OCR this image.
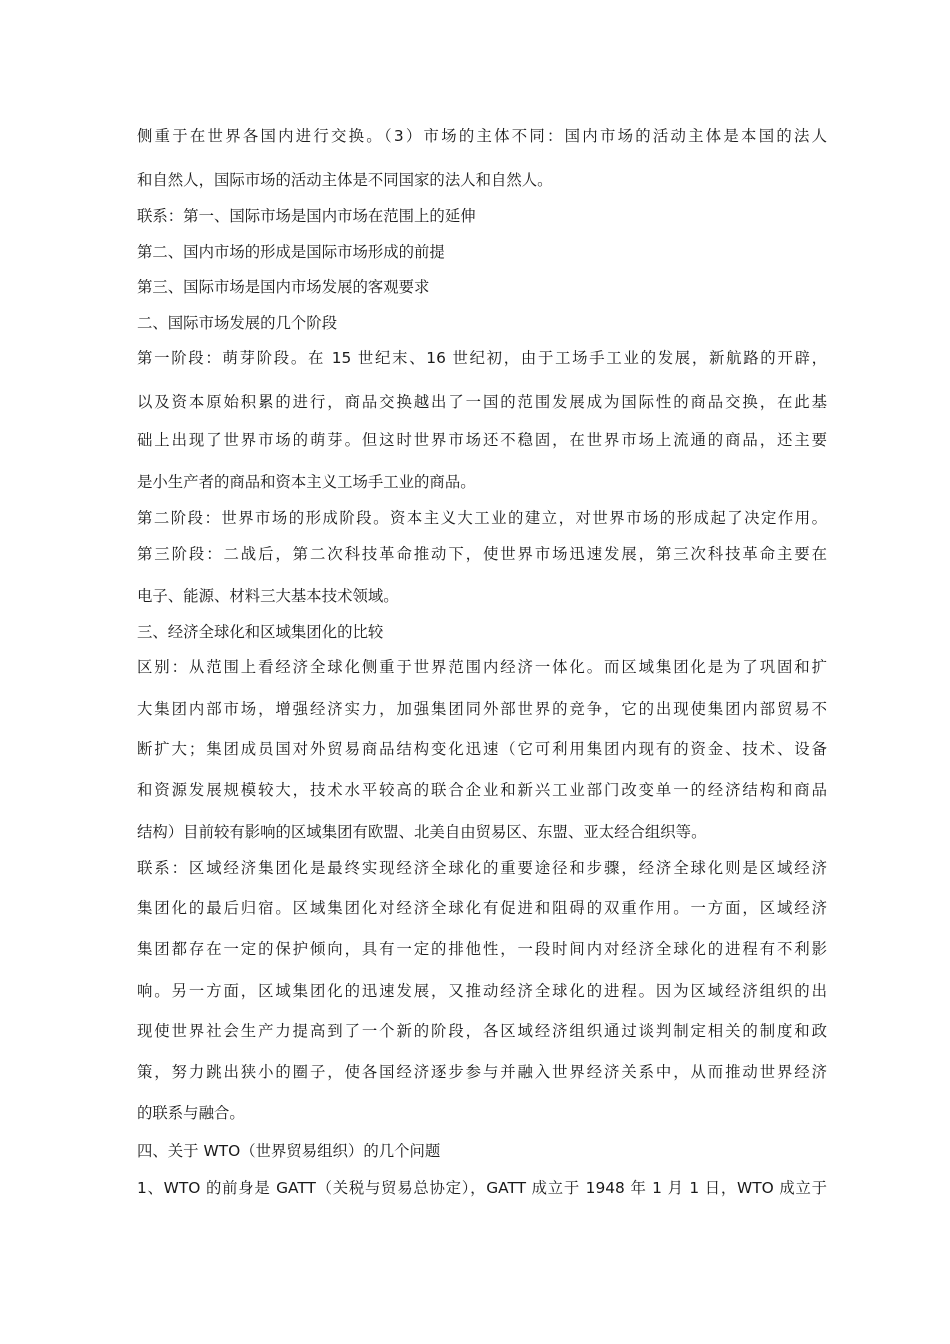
侧重于在世界各国内进行交换。（3）市场的主体不同：国内市场的活动主体是本国的法人
和自然人，国际市场的活动主体是不同国家的法人和自然人。
联系：第一、国际市场是国内市场在范围上的延伸
第二、国内市场的形成是国际市场形成的前提
第三、国际市场是国内市场发展的客观要求
二、国际市场发展的几个阶段
第一阶段：萌芽阶段。在 15 世纪末、16 世纪初，由于工场手工业的发展，新航路的开辟，
以及资本原始积累的进行，商品交换越出了一国的范围发展成为国际性的商品交换，在此基
础上出现了世界市场的萌芽。但这时世界市场还不稳固，在世界市场上流通的商品，还主要
是小生产者的商品和资本主义工场手工业的商品。
第二阶段：世界市场的形成阶段。资本主义大工业的建立，对世界市场的形成起了决定作用。
第三阶段：二战后，第二次科技革命推动下，使世界市场迅速发展，第三次科技革命主要在
电子、能源、材料三大基本技术领域。
三、经济全球化和区域集团化的比较
区别：从范围上看经济全球化侧重于世界范围内经济一体化。而区域集团化是为了巩固和扩
大集团内部市场，增强经济实力，加强集团同外部世界的竞争，它的出现使集团内部贸易不
断扩大；集团成员国对外贸易商品结构变化迅速（它可利用集团内现有的资金、技术、设备
和资源发展规模较大，技术水平较高的联合企业和新兴工业部门改变单一的经济结构和商品
结构）目前较有影响的区域集团有欧盟、北美自由贸易区、东盟、亚太经合组织等。
联系：区域经济集团化是最终实现经济全球化的重要途径和步骤，经济全球化则是区域经济
集团化的最后归宿。区域集团化对经济全球化有促进和阻碍的双重作用。一方面，区域经济
集团都存在一定的保护倾向，具有一定的排他性，一段时间内对经济全球化的进程有不利影
响。另一方面，区域集团化的迅速发展，又推动经济全球化的进程。因为区域经济组织的出
现使世界社会生产力提高到了一个新的阶段，各区域经济组织通过谈判制定相关的制度和政
策，努力跳出狭小的圈子，使各国经济逐步参与并融入世界经济关系中，从而推动世界经济
的联系与融合。
四、关于 WTO（世界贸易组织）的几个问题
1、WTO 的前身是 GATT（关税与贸易总协定），GATT 成立于 1948 年 1 月 1 日，WTO 成立于
